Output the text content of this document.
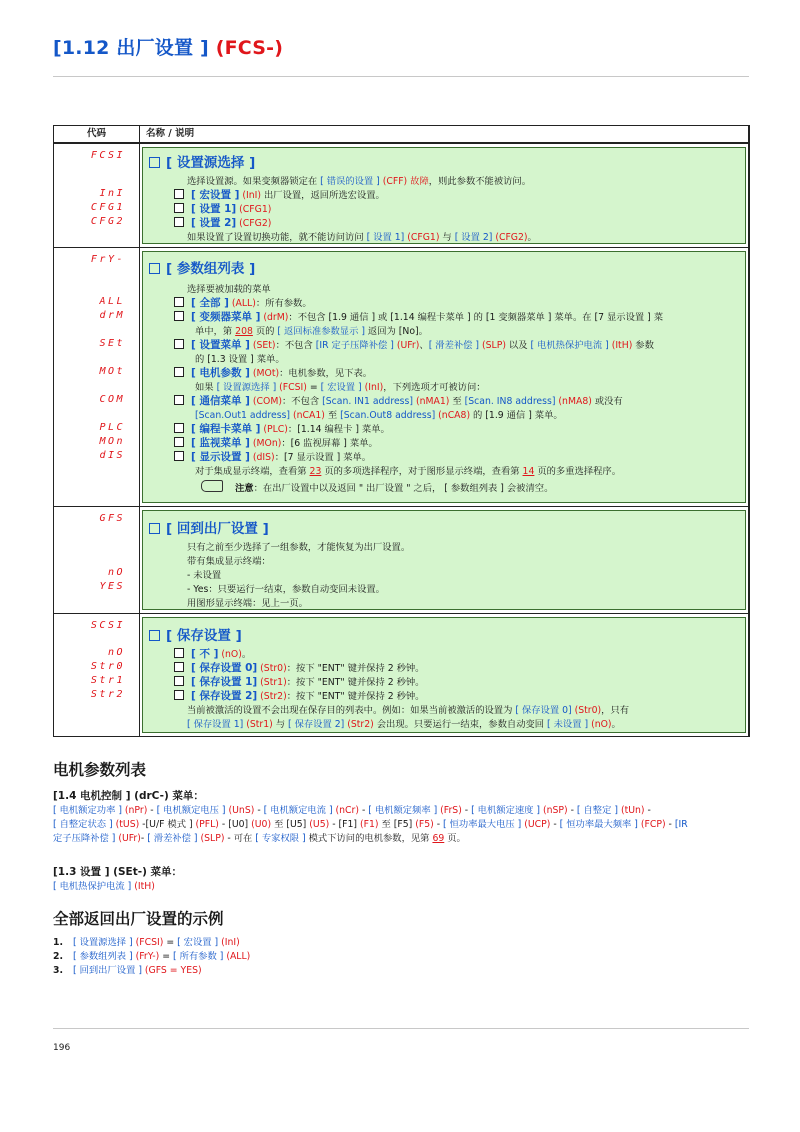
[1.12 出厂设置 ] (FCS-)
代码	名称 / 说明
FCSI
InI
CFG1
CFG2
[ 设置源选择 ]
选择设置源。如果变频器锁定在 [ 错误的设置 ] (CFF) 故障，则此参数不能被访问。
[ 宏设置 ] (InI) 出厂设置，返回所选宏设置。
[ 设置 1] (CFG1)
[ 设置 2] (CFG2)
如果设置了设置切换功能，就不能访问访问 [ 设置 1] (CFG1) 与 [ 设置 2] (CFG2)。
FrY-
ALL
drM
SEt
MOt
COM
PLC
MOn
dIS
[ 参数组列表 ]
选择要被加载的菜单
[ 全部 ] (ALL)：所有参数。
[ 变频器菜单 ] (drM)：不包含 [1.9 通信 ] 或 [1.14 编程卡菜单 ] 的 [1 变频器菜单 ] 菜单。在 [7 显示设置 ] 菜
单中，第 208 页的 [ 返回标准参数显示 ] 返回为 [No]。
[ 设置菜单 ] (SEt)：不包含 [IR 定子压降补偿 ] (UFr)、[ 滑差补偿 ] (SLP) 以及 [ 电机热保护电流 ] (ItH) 参数
的 [1.3 设置 ] 菜单。
[ 电机参数 ] (MOt)：电机参数，见下表。
如果 [ 设置源选择 ] (FCSI) = [ 宏设置 ] (InI)，下列选项才可被访问：
[ 通信菜单 ] (COM)：不包含 [Scan. IN1 address] (nMA1) 至 [Scan. IN8 address] (nMA8) 或没有
[Scan.Out1 address] (nCA1) 至 [Scan.Out8 address] (nCA8) 的 [1.9 通信 ] 菜单。
[ 编程卡菜单 ] (PLC)：[1.14 编程卡 ] 菜单。
[ 监视菜单 ] (MOn)：[6 监视屏幕 ] 菜单。
[ 显示设置 ] (dIS)：[7 显示设置 ] 菜单。
对于集成显示终端，查看第 23 页的多项选择程序，对于图形显示终端，查看第 14 页的多重选择程序。
注意：在出厂设置中以及返回 " 出厂设置 " 之后， [ 参数组列表 ] 会被清空。
GFS
nO
YES
[ 回到出厂设置 ]
只有之前至少选择了一组参数，才能恢复为出厂设置。
带有集成显示终端：
- 未设置
- Yes：只要运行一结束，参数自动变回未设置。
用图形显示终端：见上一页。
SCSI
nO
Str0
Str1
Str2
[ 保存设置 ]
[ 不 ] (nO)。
[ 保存设置 0] (Str0)：按下 "ENT" 键并保持 2 秒钟。
[ 保存设置 1] (Str1)：按下 "ENT" 键并保持 2 秒钟。
[ 保存设置 2] (Str2)：按下 "ENT" 键并保持 2 秒钟。
当前被激活的设置不会出现在保存目的列表中。例如：如果当前被激活的设置为 [ 保存设置 0] (Str0)，只有
[ 保存设置 1] (Str1) 与 [ 保存设置 2] (Str2) 会出现。只要运行一结束，参数自动变回 [ 未设置 ] (nO)。
电机参数列表
[1.4 电机控制 ] (drC-) 菜单：
[ 电机额定功率 ] (nPr) - [ 电机额定电压 ] (UnS) - [ 电机额定电流 ] (nCr) - [ 电机额定频率 ] (FrS) - [ 电机额定速度 ] (nSP) - [ 自整定 ] (tUn) -
[ 自整定状态 ] (tUS) -[U/F 模式 ] (PFL) - [U0] (U0) 至 [U5] (U5) - [F1] (F1) 至 [F5] (F5) - [ 恒功率最大电压 ] (UCP) - [ 恒功率最大频率 ] (FCP) - [IR
定子压降补偿 ] (UFr)- [ 滑差补偿 ] (SLP) - 可在 [ 专家权限 ] 模式下访问的电机参数，见第 69 页。
[1.3 设置 ] (SEt-) 菜单：
[ 电机热保护电流 ] (ItH)
全部返回出厂设置的示例
1. [ 设置源选择 ] (FCSI) = [ 宏设置 ] (InI)
2. [ 参数组列表 ] (FrY-) = [ 所有参数 ] (ALL)
3. [ 回到出厂设置 ] (GFS = YES)
196
